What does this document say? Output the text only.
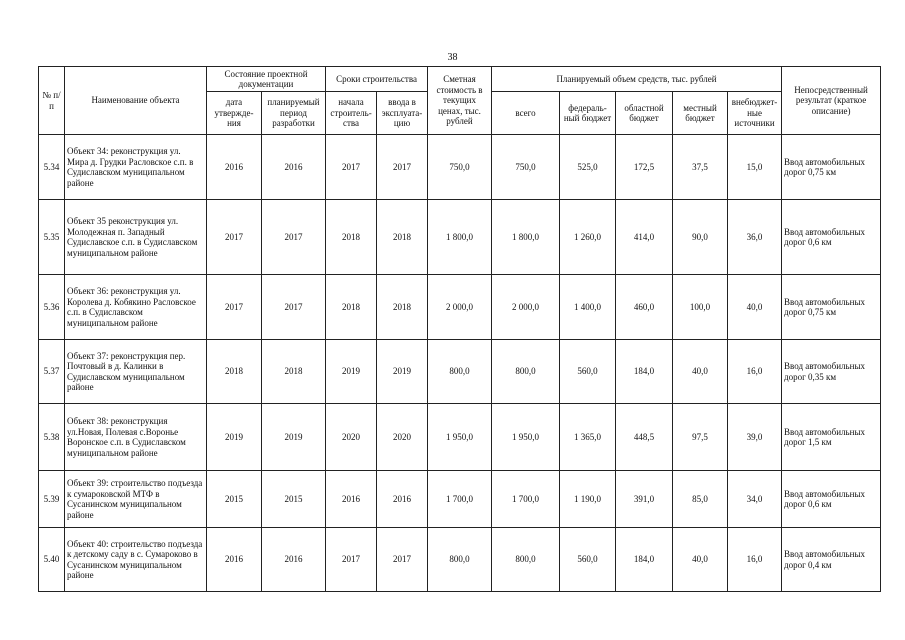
38
№ п/п	Наименование объекта	Состояние проектной документации		Сроки строительства		Сметная стоимость в текущих ценах, тыс. рублей	Планируемый объем средств, тыс. рублей					Непосредственный результат (краткое описание)
		дата утвержде-ния	планируемый период разработки	начала строитель-ства	ввода в эксплуата-цию		всего	федераль-ный бюджет	областной бюджет	местный бюджет	внебюджет-ные источники	
5.34	Объект 34: реконструкция ул. Мира д. Грудки Расловское с.п. в Судиславском муниципальном районе	2016	2016	2017	2017	750,0	750,0	525,0	172,5	37,5	15,0	Ввод автомобильных дорог 0,75 км
5.35	Объект 35 реконструкция ул. Молодежная п. Западный Судиславское с.п. в Судиславском муниципальном районе	2017	2017	2018	2018	1 800,0	1 800,0	1 260,0	414,0	90,0	36,0	Ввод автомобильных дорог 0,6 км
5.36	Объект 36: реконструкция ул. Королева д. Кобякино Расловское с.п. в Судиславском муниципальном районе	2017	2017	2018	2018	2 000,0	2 000,0	1 400,0	460,0	100,0	40,0	Ввод автомобильных дорог 0,75 км
5.37	Объект 37: реконструкция пер. Почтовый в д. Калинки в Судиславском муниципальном районе	2018	2018	2019	2019	800,0	800,0	560,0	184,0	40,0	16,0	Ввод автомобильных дорог 0,35 км
5.38	Объект 38: реконструкция ул.Новая, Полевая с.Воронье Воронское с.п. в Судиславском муниципальном районе	2019	2019	2020	2020	1 950,0	1 950,0	1 365,0	448,5	97,5	39,0	Ввод автомобильных дорог 1,5 км
5.39	Объект 39: строительство подъезда к сумароковской МТФ в Сусанинском муниципальном районе	2015	2015	2016	2016	1 700,0	1 700,0	1 190,0	391,0	85,0	34,0	Ввод автомобильных дорог 0,6 км
5.40	Объект 40: строительство подъезда к детскому саду в с. Сумароково в Сусанинском муниципальном районе	2016	2016	2017	2017	800,0	800,0	560,0	184,0	40,0	16,0	Ввод автомобильных дорог 0,4 км
